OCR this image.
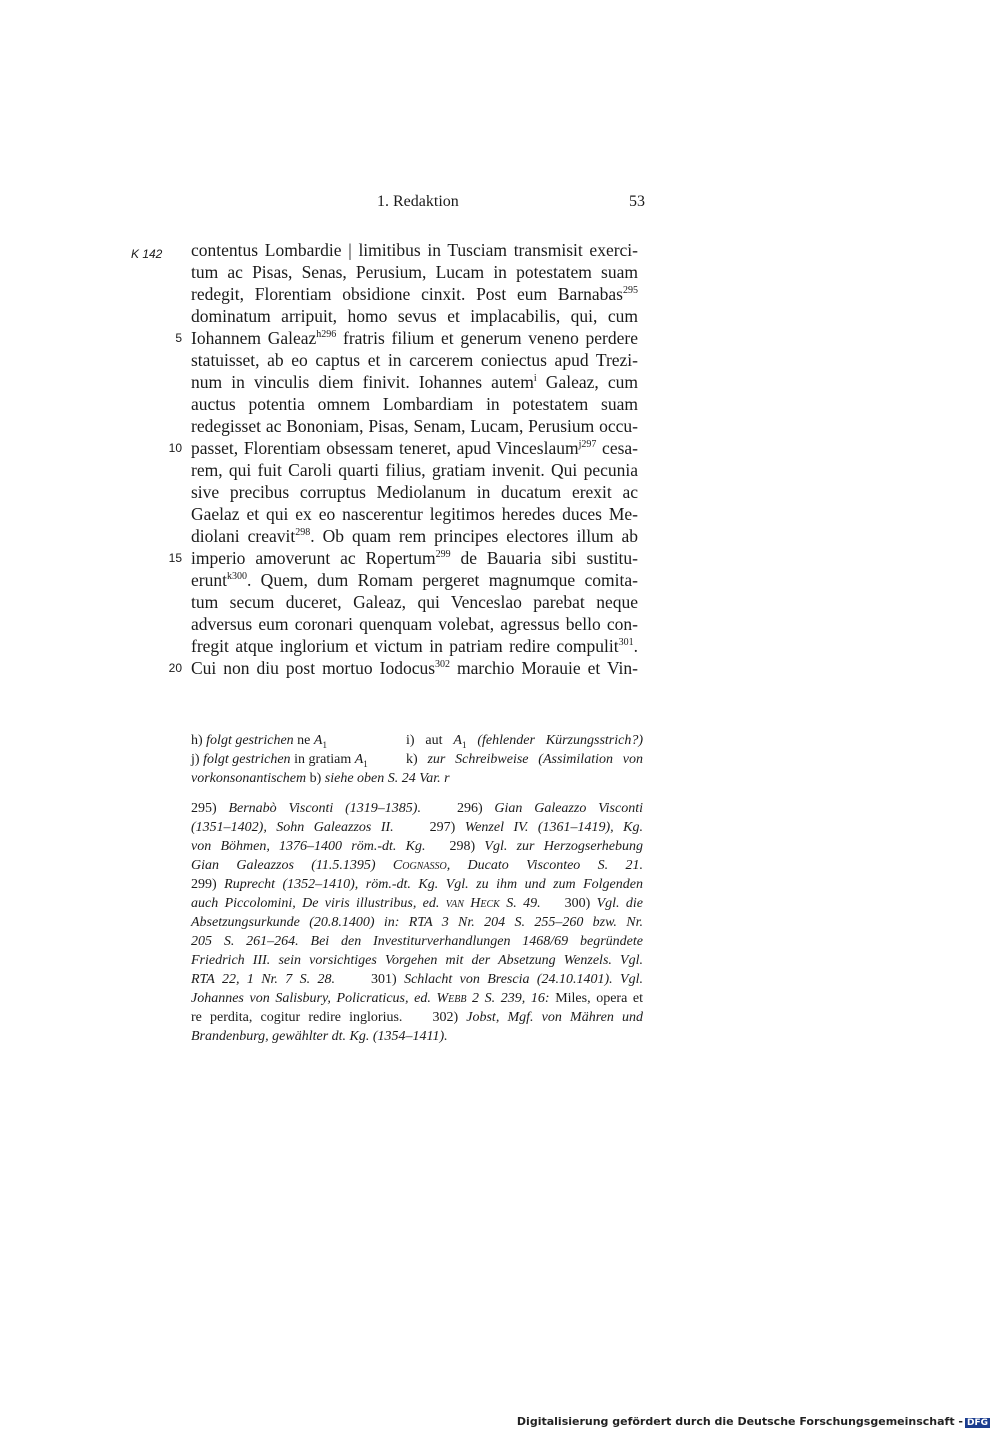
1. Redaktion	53
K 142
5
10
15
20
contentus Lombardie | limitibus in Tusciam transmisit exerci-
tum ac Pisas, Senas, Perusium, Lucam in potestatem suam
redegit, Florentiam obsidione cinxit. Post eum Barnabas$^{295}$
dominatum arripuit, homo sevus et implacabilis, qui, cum
Iohannem Galeaz$^{h296}$ fratris filium et generum veneno perdere
statuisset, ab eo captus et in carcerem coniectus apud Trezi-
num in vinculis diem finivit. Iohannes autem$^i$ Galeaz, cum
auctus potentia omnem Lombardiam in potestatem suam
redegisset ac Bononiam, Pisas, Senam, Lucam, Perusium occu-
passet, Florentiam obsessam teneret, apud Vinceslaum$^{j297}$ cesa-
rem, qui fuit Caroli quarti filius, gratiam invenit. Qui pecunia
sive precibus corruptus Mediolanum in ducatum erexit ac
Gaelaz et qui ex eo nascerentur legitimos heredes duces Me-
diolani creavit$^{298}$. Ob quam rem principes electores illum ab
imperio amoverunt ac Ropertum$^{299}$ de Bauaria sibi sustitu-
erunt$^{k300}$. Quem, dum Romam pergeret magnumque comita-
tum secum duceret, Galeaz, qui Venceslao parebat neque
adversus eum coronari quenquam volebat, agressus bello con-
fregit atque inglorium et victum in patriam redire compulit$^{301}$.
Cui non diu post mortuo Iodocus$^{302}$ marchio Morauie et Vin-
h) folgt gestrichen ne $A_1$	i) aut $A_1$ (fehlender Kürzungsstrich?)
j) folgt gestrichen in gratiam $A_1$	k) zur Schreibweise (Assimilation von
vorkonsonantischem b) siehe oben S. 24 Var. r
295) Bernabò Visconti (1319–1385).	296) Gian Galeazzo Visconti
(1351–1402), Sohn Galeazzos II.	297) Wenzel IV. (1361–1419), Kg.
von Böhmen, 1376–1400 röm.-dt. Kg. 298) Vgl. zur Herzogserhebung
Gian Galeazzos (11.5.1395) Cognasso, Ducato Visconteo S. 21.
299) Ruprecht (1352–1410), röm.-dt. Kg. Vgl. zu ihm und zum Folgenden
auch Piccolomini, De viris illustribus, ed. van Heck S. 49. 300) Vgl. die
Absetzungsurkunde (20.8.1400) in: RTA 3 Nr. 204 S. 255–260 bzw. Nr.
205 S. 261–264. Bei den Investiturverhandlungen 1468/69 begründete
Friedrich III. sein vorsichtiges Vorgehen mit der Absetzung Wenzels. Vgl.
RTA 22, 1 Nr. 7 S. 28.	301) Schlacht von Brescia (24.10.1401). Vgl.
Johannes von Salisbury, Policraticus, ed. Webb 2 S. 239, 16: Miles, opera et
re perdita, cogitur redire inglorius. 302) Jobst, Mgf. von Mähren und
Brandenburg, gewählter dt. Kg. (1354–1411).
Digitalisierung gefördert durch die Deutsche Forschungsgemeinschaft - DFG
